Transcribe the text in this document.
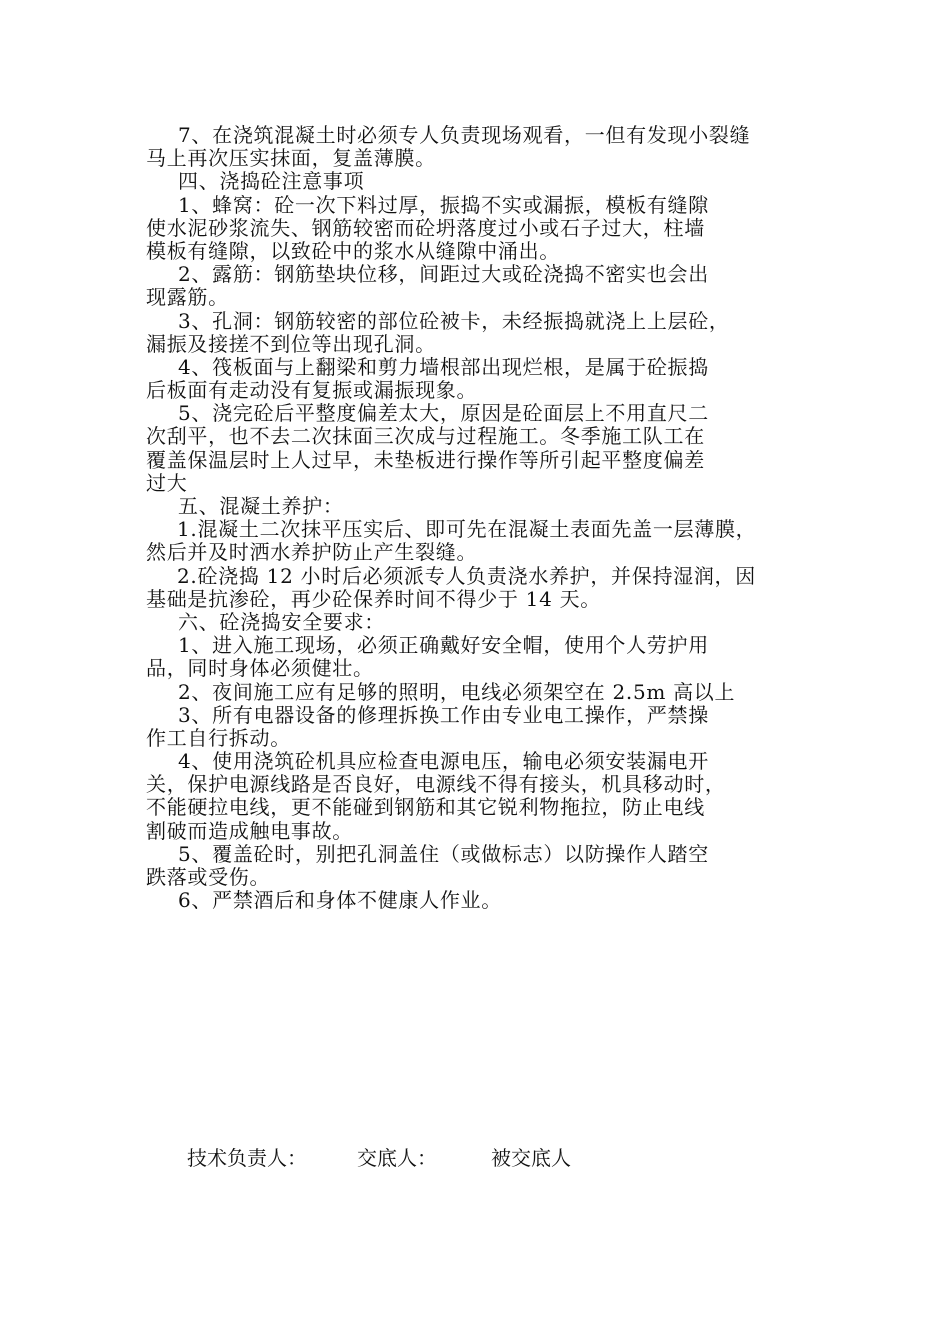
7、在浇筑混凝土时必须专人负责现场观看，一但有发现小裂缝
马上再次压实抹面，复盖薄膜。
四、浇捣砼注意事项
1、蜂窝：砼一次下料过厚，振捣不实或漏振，模板有缝隙
使水泥砂浆流失、钢筋较密而砼坍落度过小或石子过大，柱墙
模板有缝隙，以致砼中的浆水从缝隙中涌出。
2、露筋：钢筋垫块位移，间距过大或砼浇捣不密实也会出
现露筋。
3、孔洞：钢筋较密的部位砼被卡，未经振捣就浇上上层砼，
漏振及接搓不到位等出现孔洞。
4、筏板面与上翻梁和剪力墙根部出现烂根，是属于砼振捣
后板面有走动没有复振或漏振现象。
5、浇完砼后平整度偏差太大，原因是砼面层上不用直尺二
次刮平，也不去二次抹面三次成与过程施工。冬季施工队工在
覆盖保温层时上人过早，未垫板进行操作等所引起平整度偏差
过大
五、混凝土养护：
1.混凝土二次抹平压实后、即可先在混凝土表面先盖一层薄膜，
然后并及时洒水养护防止产生裂缝。
2.砼浇捣 12 小时后必须派专人负责浇水养护，并保持湿润，因
基础是抗渗砼，再少砼保养时间不得少于 14 天。
六、砼浇捣安全要求：
1、进入施工现场，必须正确戴好安全帽，使用个人劳护用
品，同时身体必须健壮。
2、夜间施工应有足够的照明，电线必须架空在 2.5m 高以上
3、所有电器设备的修理拆换工作由专业电工操作，严禁操
作工自行拆动。
4、使用浇筑砼机具应检查电源电压，输电必须安装漏电开
关，保护电源线路是否良好，电源线不得有接头，机具移动时，
不能硬拉电线，更不能碰到钢筋和其它锐利物拖拉，防止电线
割破而造成触电事故。
5、覆盖砼时，别把孔洞盖住（或做标志）以防操作人踏空
跌落或受伤。
6、严禁酒后和身体不健康人作业。
技术负责人：	交底人：	被交底人
